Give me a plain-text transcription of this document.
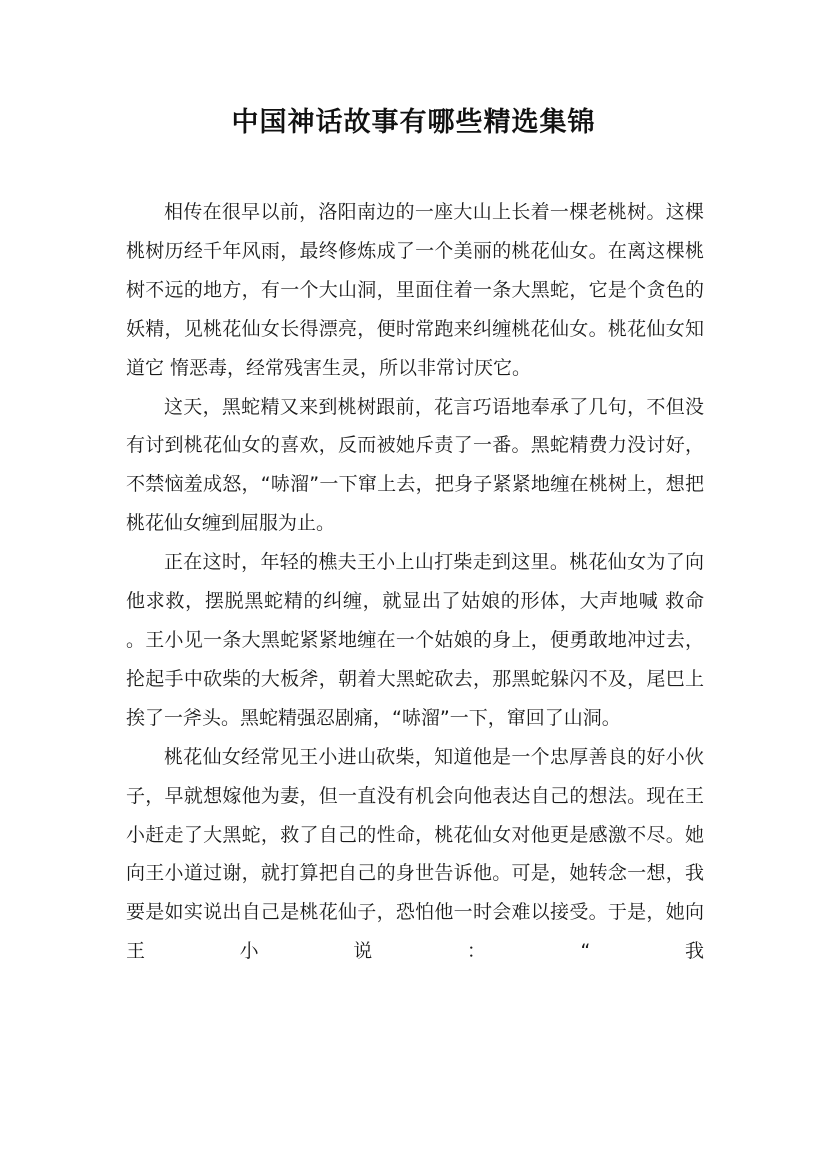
中国神话故事有哪些精选集锦

相传在很早以前，洛阳南边的一座大山上长着一棵老桃树。这棵桃树历经千年风雨，最终修炼成了一个美丽的桃花仙女。在离这棵桃树不远的地方，有一个大山洞，里面住着一条大黑蛇，它是个贪色的妖精，见桃花仙女长得漂亮，便时常跑来纠缠桃花仙女。桃花仙女知道它 惰恶毒，经常残害生灵，所以非常讨厌它。

这天，黑蛇精又来到桃树跟前，花言巧语地奉承了几句，不但没有讨到桃花仙女的喜欢，反而被她斥责了一番。黑蛇精费力没讨好，不禁恼羞成怒，“哧溜”一下窜上去，把身子紧紧地缠在桃树上，想把桃花仙女缠到屈服为止。

正在这时，年轻的樵夫王小上山打柴走到这里。桃花仙女为了向他求救，摆脱黑蛇精的纠缠，就显出了姑娘的形体，大声地喊 救命 。王小见一条大黑蛇紧紧地缠在一个姑娘的身上，便勇敢地冲过去，抡起手中砍柴的大板斧，朝着大黑蛇砍去，那黑蛇躲闪不及，尾巴上挨了一斧头。黑蛇精强忍剧痛，“哧溜”一下，窜回了山洞。

桃花仙女经常见王小进山砍柴，知道他是一个忠厚善良的好小伙子，早就想嫁他为妻，但一直没有机会向他表达自己的想法。现在王小赶走了大黑蛇，救了自己的性命，桃花仙女对他更是感激不尽。她向王小道过谢，就打算把自己的身世告诉他。可是，她转念一想，我要是如实说出自己是桃花仙子，恐怕他一时会难以接受。于是，她向王小说：“我
